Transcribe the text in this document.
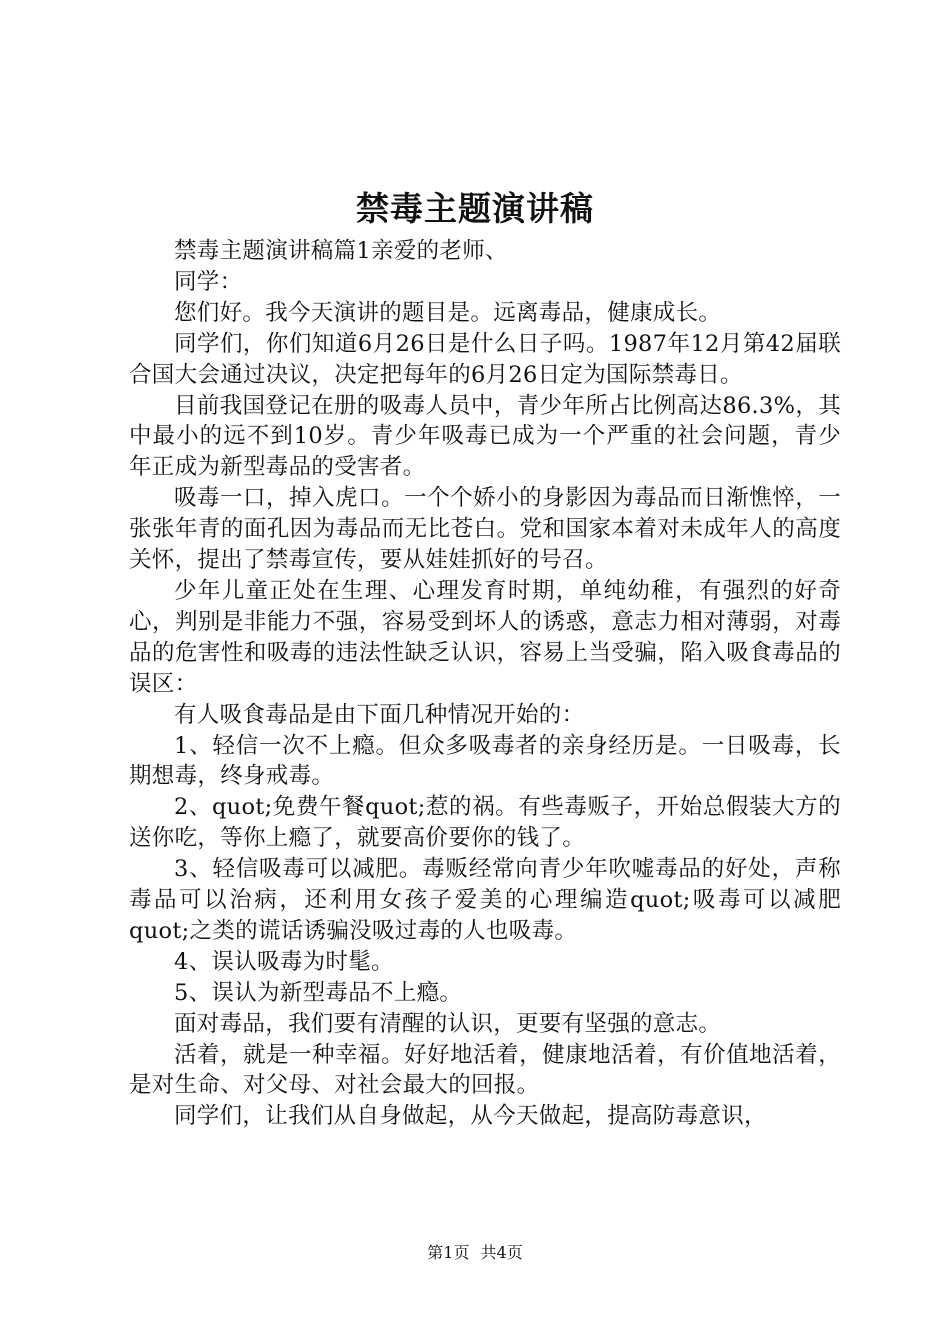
禁毒主题演讲稿

禁毒主题演讲稿篇1亲爱的老师、

同学：

您们好。我今天演讲的题目是。远离毒品，健康成长。

同学们，你们知道6月26日是什么日子吗。1987年12月第42届联合国大会通过决议，决定把每年的6月26日定为国际禁毒日。

目前我国登记在册的吸毒人员中，青少年所占比例高达86.3%，其中最小的远不到10岁。青少年吸毒已成为一个严重的社会问题，青少年正成为新型毒品的受害者。

吸毒一口，掉入虎口。一个个娇小的身影因为毒品而日渐憔悴，一张张年青的面孔因为毒品而无比苍白。党和国家本着对未成年人的高度关怀，提出了禁毒宣传，要从娃娃抓好的号召。

少年儿童正处在生理、心理发育时期，单纯幼稚，有强烈的好奇心，判别是非能力不强，容易受到坏人的诱惑，意志力相对薄弱，对毒品的危害性和吸毒的违法性缺乏认识，容易上当受骗，陷入吸食毒品的误区：

有人吸食毒品是由下面几种情况开始的：

1、轻信一次不上瘾。但众多吸毒者的亲身经历是。一日吸毒，长期想毒，终身戒毒。

2、quot;免费午餐quot;惹的祸。有些毒贩子，开始总假装大方的送你吃，等你上瘾了，就要高价要你的钱了。

3、轻信吸毒可以减肥。毒贩经常向青少年吹嘘毒品的好处，声称毒品可以治病，还利用女孩子爱美的心理编造quot;吸毒可以减肥quot;之类的谎话诱骗没吸过毒的人也吸毒。

4、误认吸毒为时髦。

5、误认为新型毒品不上瘾。

面对毒品，我们要有清醒的认识，更要有坚强的意志。

活着，就是一种幸福。好好地活着，健康地活着，有价值地活着，是对生命、对父母、对社会最大的回报。

同学们，让我们从自身做起，从今天做起，提高防毒意识，

第1页 共4页
